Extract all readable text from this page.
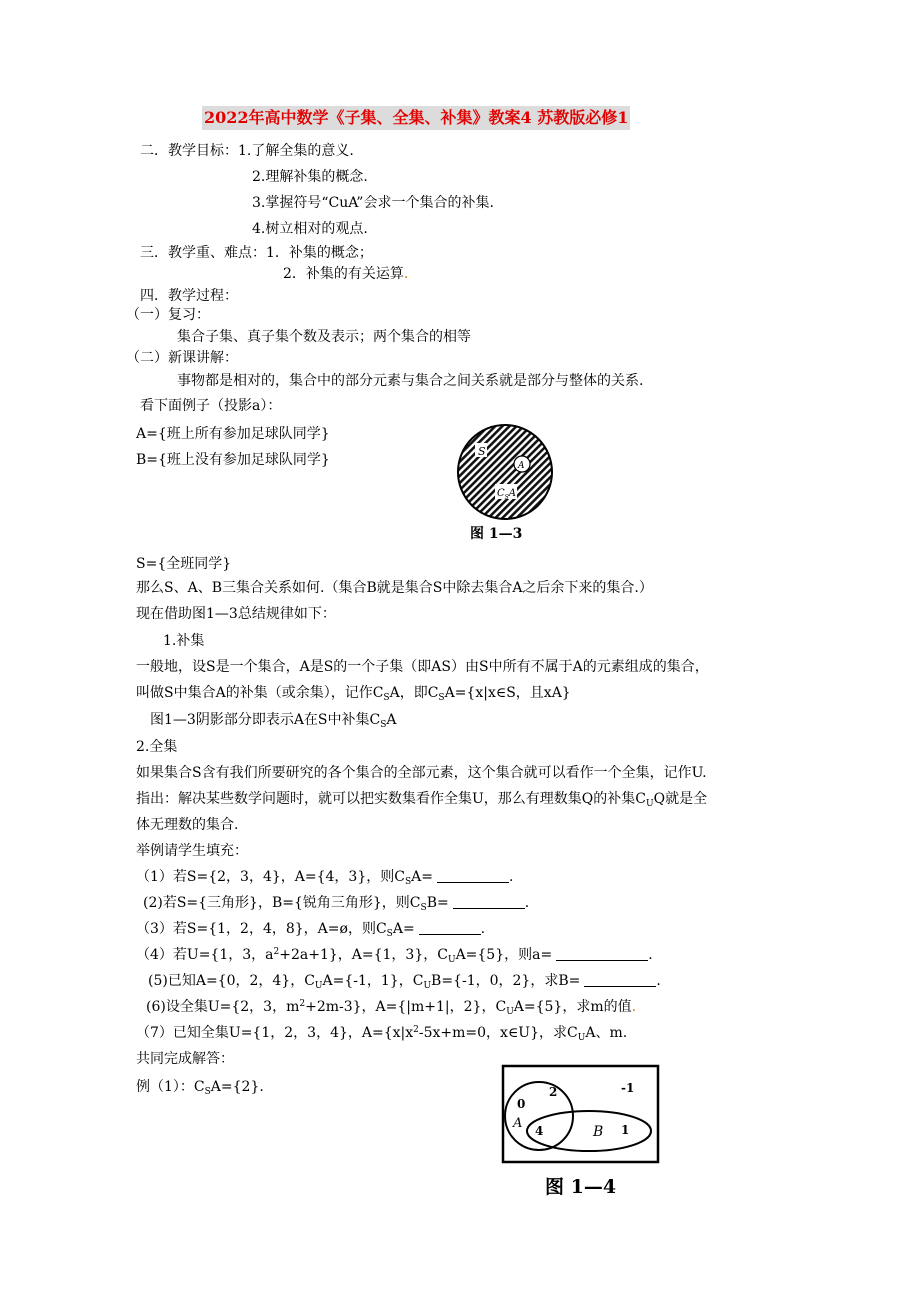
2022年高中数学《子集、全集、补集》教案4 苏教版必修1
二．教学目标：1.了解全集的意义.
2.理解补集的概念.
3.掌握符号“CuA”会求一个集合的补集.
4.树立相对的观点.
三．教学重、难点：1．补集的概念；
2．补集的有关运算.
四．教学过程：
（一）复习：
集合子集、真子集个数及表示；两个集合的相等
（二）新课讲解：
事物都是相对的，集合中的部分元素与集合之间关系就是部分与整体的关系.
看下面例子（投影a）：
A={班上所有参加足球队同学}
B={班上没有参加足球队同学}
S
A
$C_SA$
图 1—3
S={全班同学}
那么S、A、B三集合关系如何.（集合B就是集合S中除去集合A之后余下来的集合.）
现在借助图1—3总结规律如下：
1.补集
一般地，设S是一个集合，A是S的一个子集（即AS）由S中所有不属于A的元素组成的集合，
叫做S中集合A的补集（或余集），记作$C_SA$，即$C_SA=\{x|x\in S$，且xA}
图1—3阴影部分即表示A在S中补集$C_SA$
2.全集
如果集合S含有我们所要研究的各个集合的全部元素，这个集合就可以看作一个全集，记作U.
指出：解决某些数学问题时，就可以把实数集看作全集U，那么有理数集Q的补集$C_UQ$就是全
体无理数的集合.
举例请学生填充：
（1）若S={2，3，4}，A={4，3}，则$C_SA=$	.
(2)若S={三角形}，B={锐角三角形}，则$C_SB=$	.
（3）若S={1，2，4，8}，A=ø，则$C_SA=$	.
（4）若U={1，3，$a^2+2a+1$}，A={1，3}，$C_UA=\{5\}$，则a=	.
(5)已知A={0，2，4}，$C_UA=\{-1$，1}，$C_UB=\{-1$，0，2}，求B=	.
(6)设全集U={2，3，$m^2+2m-3$}，A={|m+1|，2}，$C_UA=\{5\}$，求m的值.
（7）已知全集U={1，2，3，4}，$A=\{x|x^2-5x+m=0$，x∈U}，求$C_UA$、m.
共同完成解答：
例（1）：$C_SA=\{2\}$.
0
2
A 4	B 1
-1
图 1—4
